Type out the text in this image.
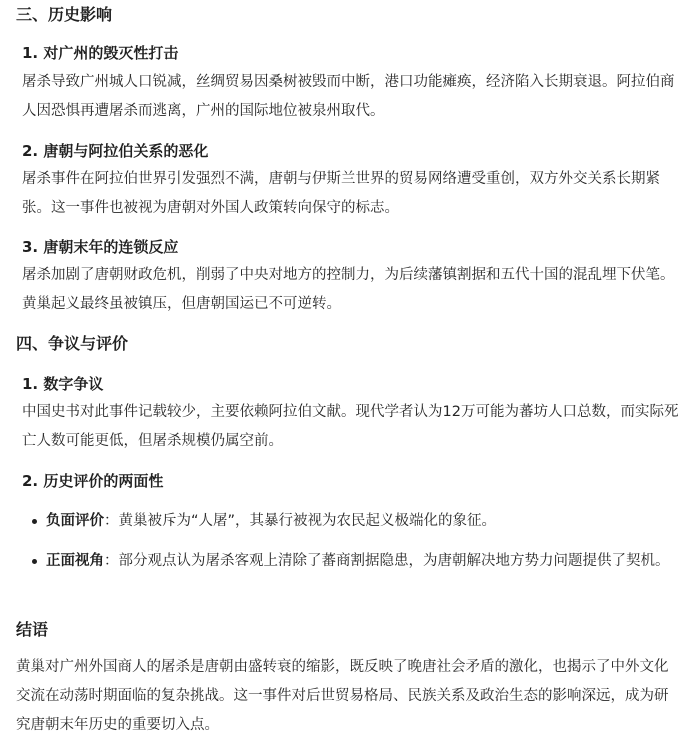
三、历史影响
1. 对广州的毁灭性打击
屠杀导致广州城人口锐减，丝绸贸易因桑树被毁而中断，港口功能瘫痪，经济陷入长期衰退。阿拉伯商人因恐惧再遭屠杀而逃离，广州的国际地位被泉州取代。
2. 唐朝与阿拉伯关系的恶化
屠杀事件在阿拉伯世界引发强烈不满，唐朝与伊斯兰世界的贸易网络遭受重创，双方外交关系长期紧张。这一事件也被视为唐朝对外国人政策转向保守的标志。
3. 唐朝末年的连锁反应
屠杀加剧了唐朝财政危机，削弱了中央对地方的控制力，为后续藩镇割据和五代十国的混乱埋下伏笔。黄巢起义最终虽被镇压，但唐朝国运已不可逆转。
四、争议与评价
1. 数字争议
中国史书对此事件记载较少，主要依赖阿拉伯文献。现代学者认为12万可能为蕃坊人口总数，而实际死亡人数可能更低，但屠杀规模仍属空前。
2. 历史评价的两面性
负面评价：黄巢被斥为“人屠”，其暴行被视为农民起义极端化的象征。
正面视角：部分观点认为屠杀客观上清除了蕃商割据隐患，为唐朝解决地方势力问题提供了契机。
结语
黄巢对广州外国商人的屠杀是唐朝由盛转衰的缩影，既反映了晚唐社会矛盾的激化，也揭示了中外文化交流在动荡时期面临的复杂挑战。这一事件对后世贸易格局、民族关系及政治生态的影响深远，成为研究唐朝末年历史的重要切入点。
